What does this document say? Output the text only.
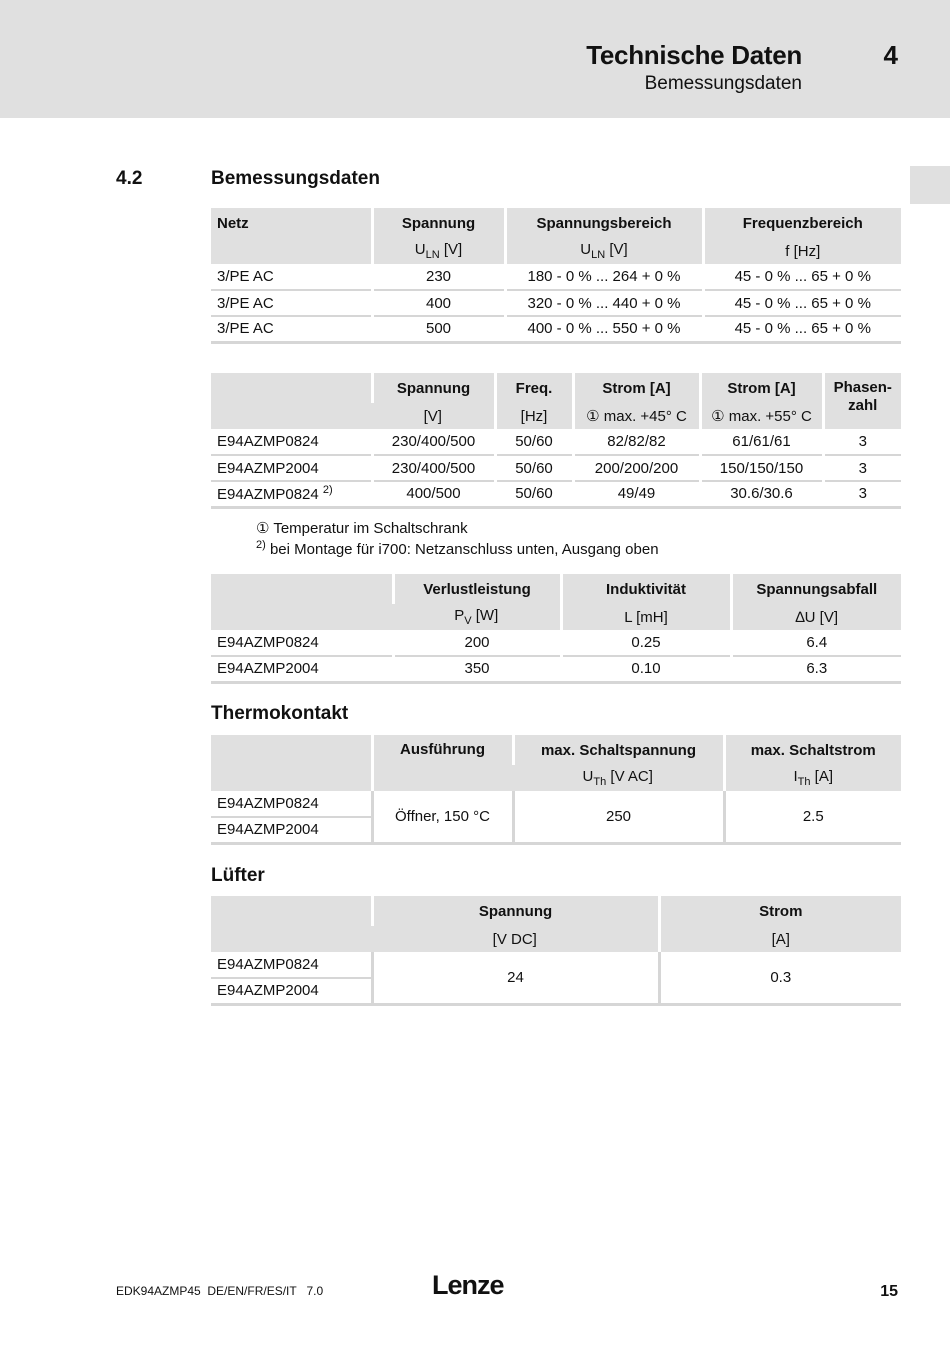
Technische Daten
Bemessungsdaten
4
4.2	Bemessungsdaten
Netz	Spannung	Spannungsbereich	Frequenzbereich
	$U_{LN}$ [V]	$U_{LN}$ [V]	f [Hz]
3/PE AC	230	180 - 0 % ... 264 + 0 %	45 - 0 % ... 65 + 0 %
3/PE AC	400	320 - 0 % ... 440 + 0 %	45 - 0 % ... 65 + 0 %
3/PE AC	500	400 - 0 % ... 550 + 0 %	45 - 0 % ... 65 + 0 %
	Spannung	Freq.	Strom [A]	Strom [A]	Phasen-zahl
	[V]	[Hz]	① max. +45° C	① max. +55° C	
E94AZMP0824	230/400/500	50/60	82/82/82	61/61/61	3
E94AZMP2004	230/400/500	50/60	200/200/200	150/150/150	3
E94AZMP0824 $^{2)}$	400/500	50/60	49/49	30.6/30.6	3
① Temperatur im Schaltschrank
$^{2)}$ bei Montage für i700: Netzanschluss unten, Ausgang oben
	Verlustleistung	Induktivität	Spannungsabfall
	$P_V$ [W]	L [mH]	∆U [V]
E94AZMP0824	200	0.25	6.4
E94AZMP2004	350	0.10	6.3
Thermokontakt
	Ausführung	max. Schaltspannung	max. Schaltstrom
		$U_{Th}$ [V AC]	$I_{Th}$ [A]
E94AZMP0824	Öffner, 150 °C	250	2.5
E94AZMP2004			
Lüfter
	Spannung	Strom
	[V DC]	[A]
E94AZMP0824	24	0.3
E94AZMP2004		
EDK94AZMP45  DE/EN/FR/ES/IT   7.0	Lenze	15
